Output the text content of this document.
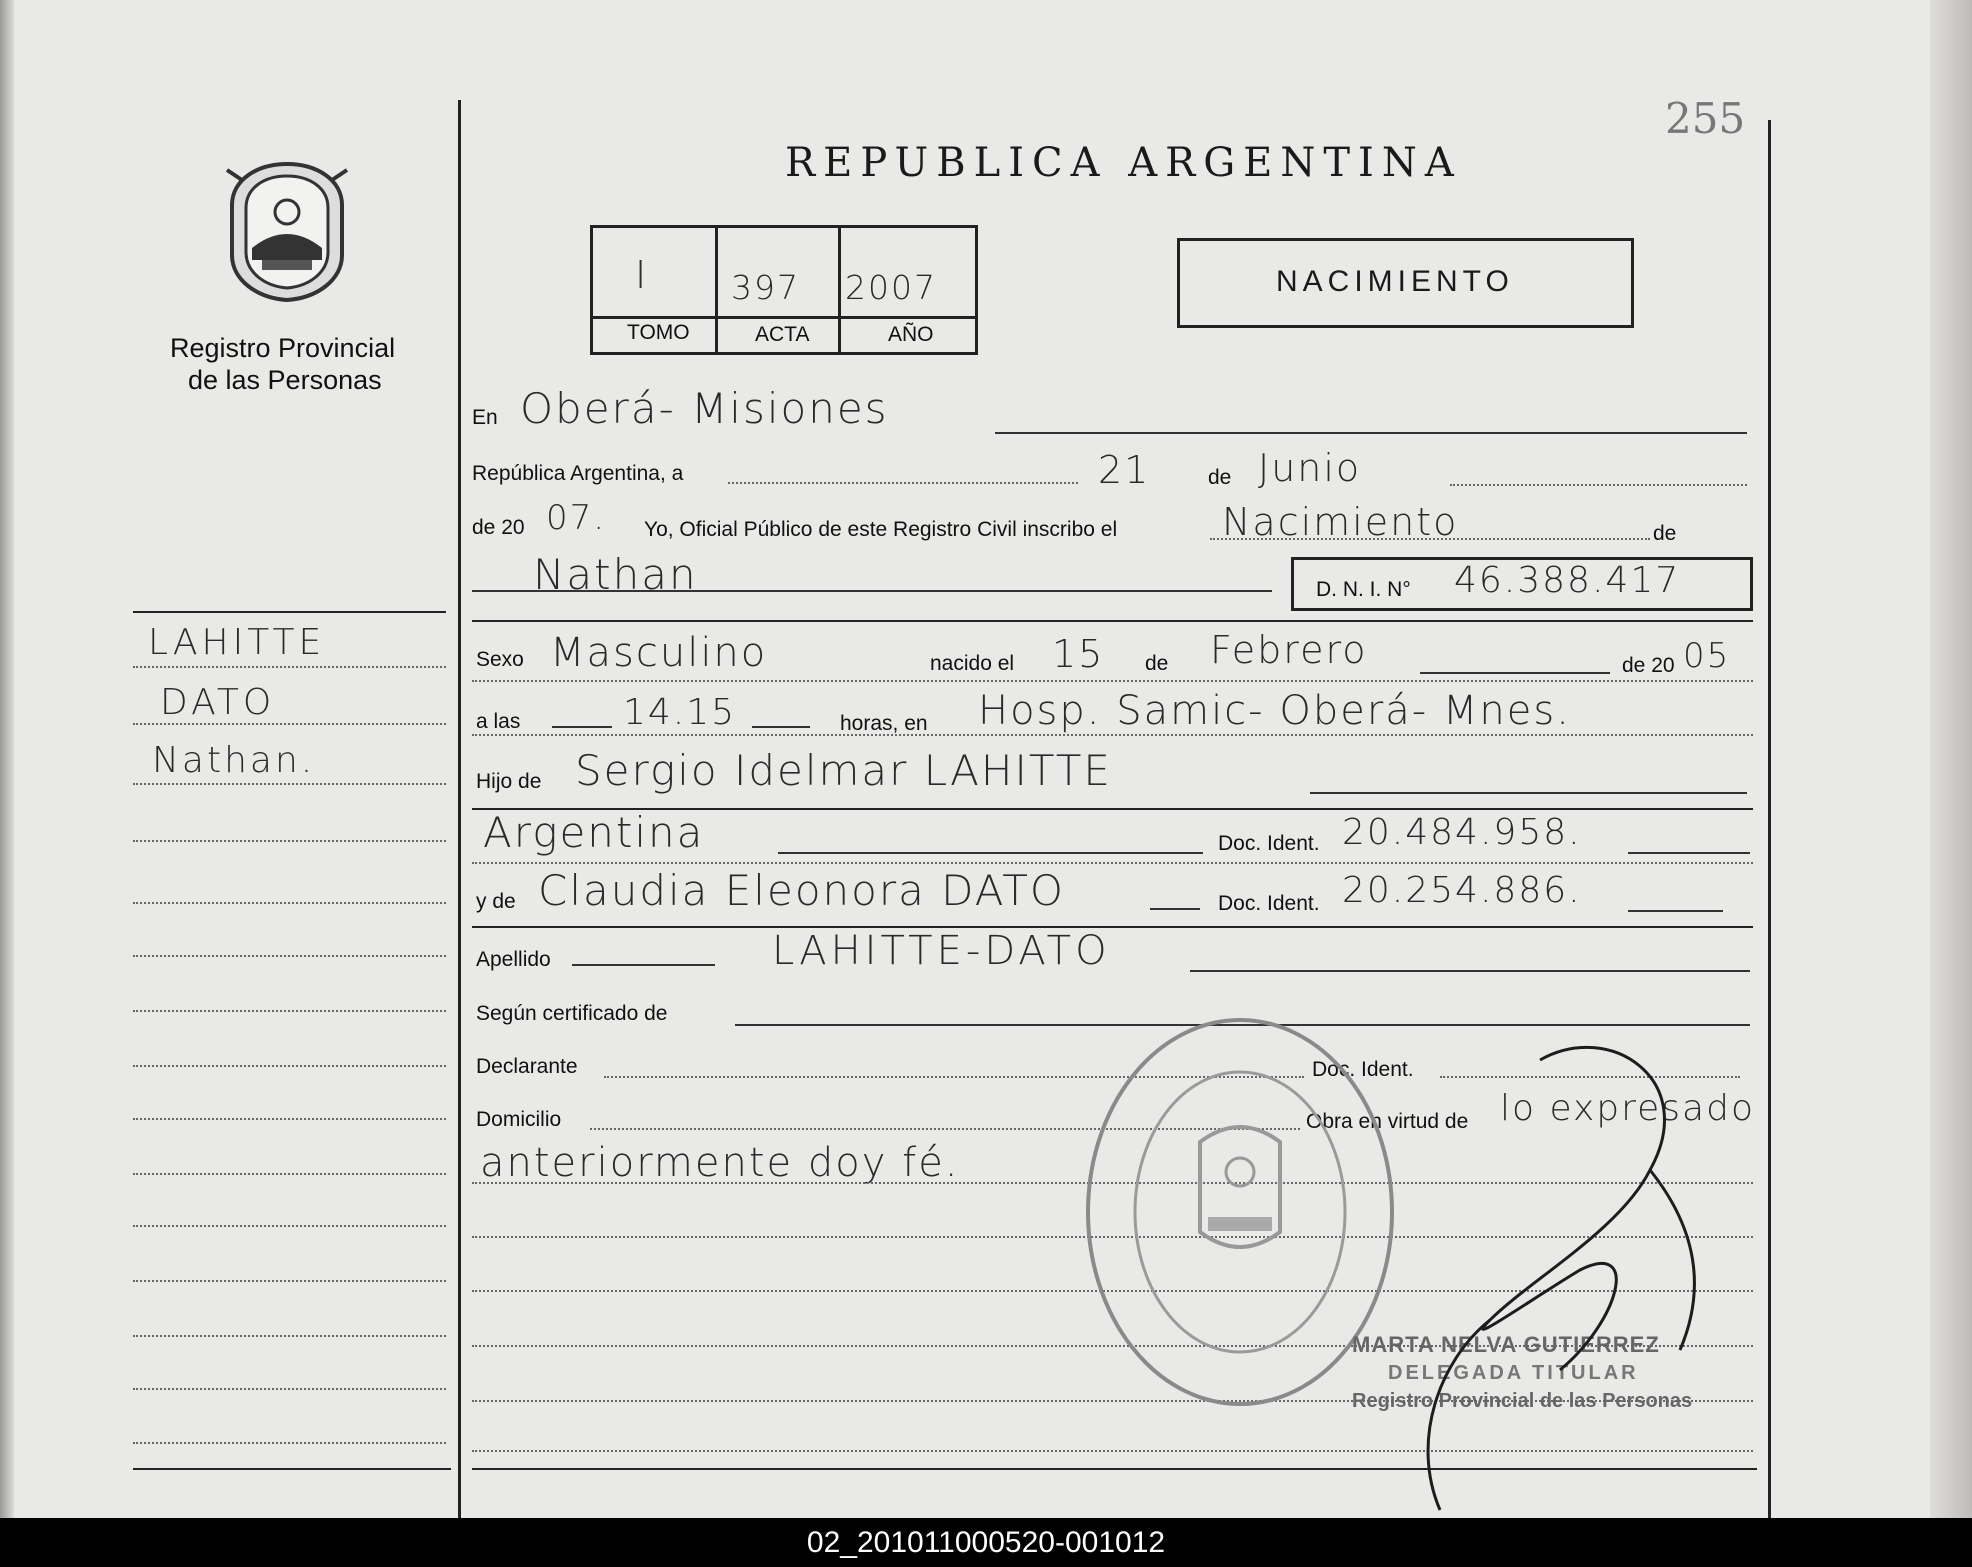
255
Registro Provincial
de las Personas
REPUBLICA ARGENTINA
I	397 2007
TOMO	ACTA	AÑO
NACIMIENTO
LAHITTE
DATO
Nathan.
En Oberá- Misiones
República Argentina, a	21	de Junio
de 20 07. Yo, Oficial Público de este Registro Civil inscribo el	Nacimiento	de
Nathan	D. N. I. N° 46.388.417
Sexo Masculino	nacido el 15 de Febrero	de 20 05
a las	14.15	horas, en Hosp. Samic- Oberá- Mnes.
Hijo de Sergio Idelmar LAHITTE
Argentina	Doc. Ident. 20.484.958.
y de Claudia Eleonora DATO	Doc. Ident. 20.254.886.
Apellido	LAHITTE-DATO
Según certificado de
Declarante	Doc. Ident.
Domicilio	Obra en virtud de lo expresado
anteriormente doy fé.
MARTA NELVA GUTIERREZ
DELEGADA TITULAR
Registro Provincial de las Personas
02_201011000520-001012
